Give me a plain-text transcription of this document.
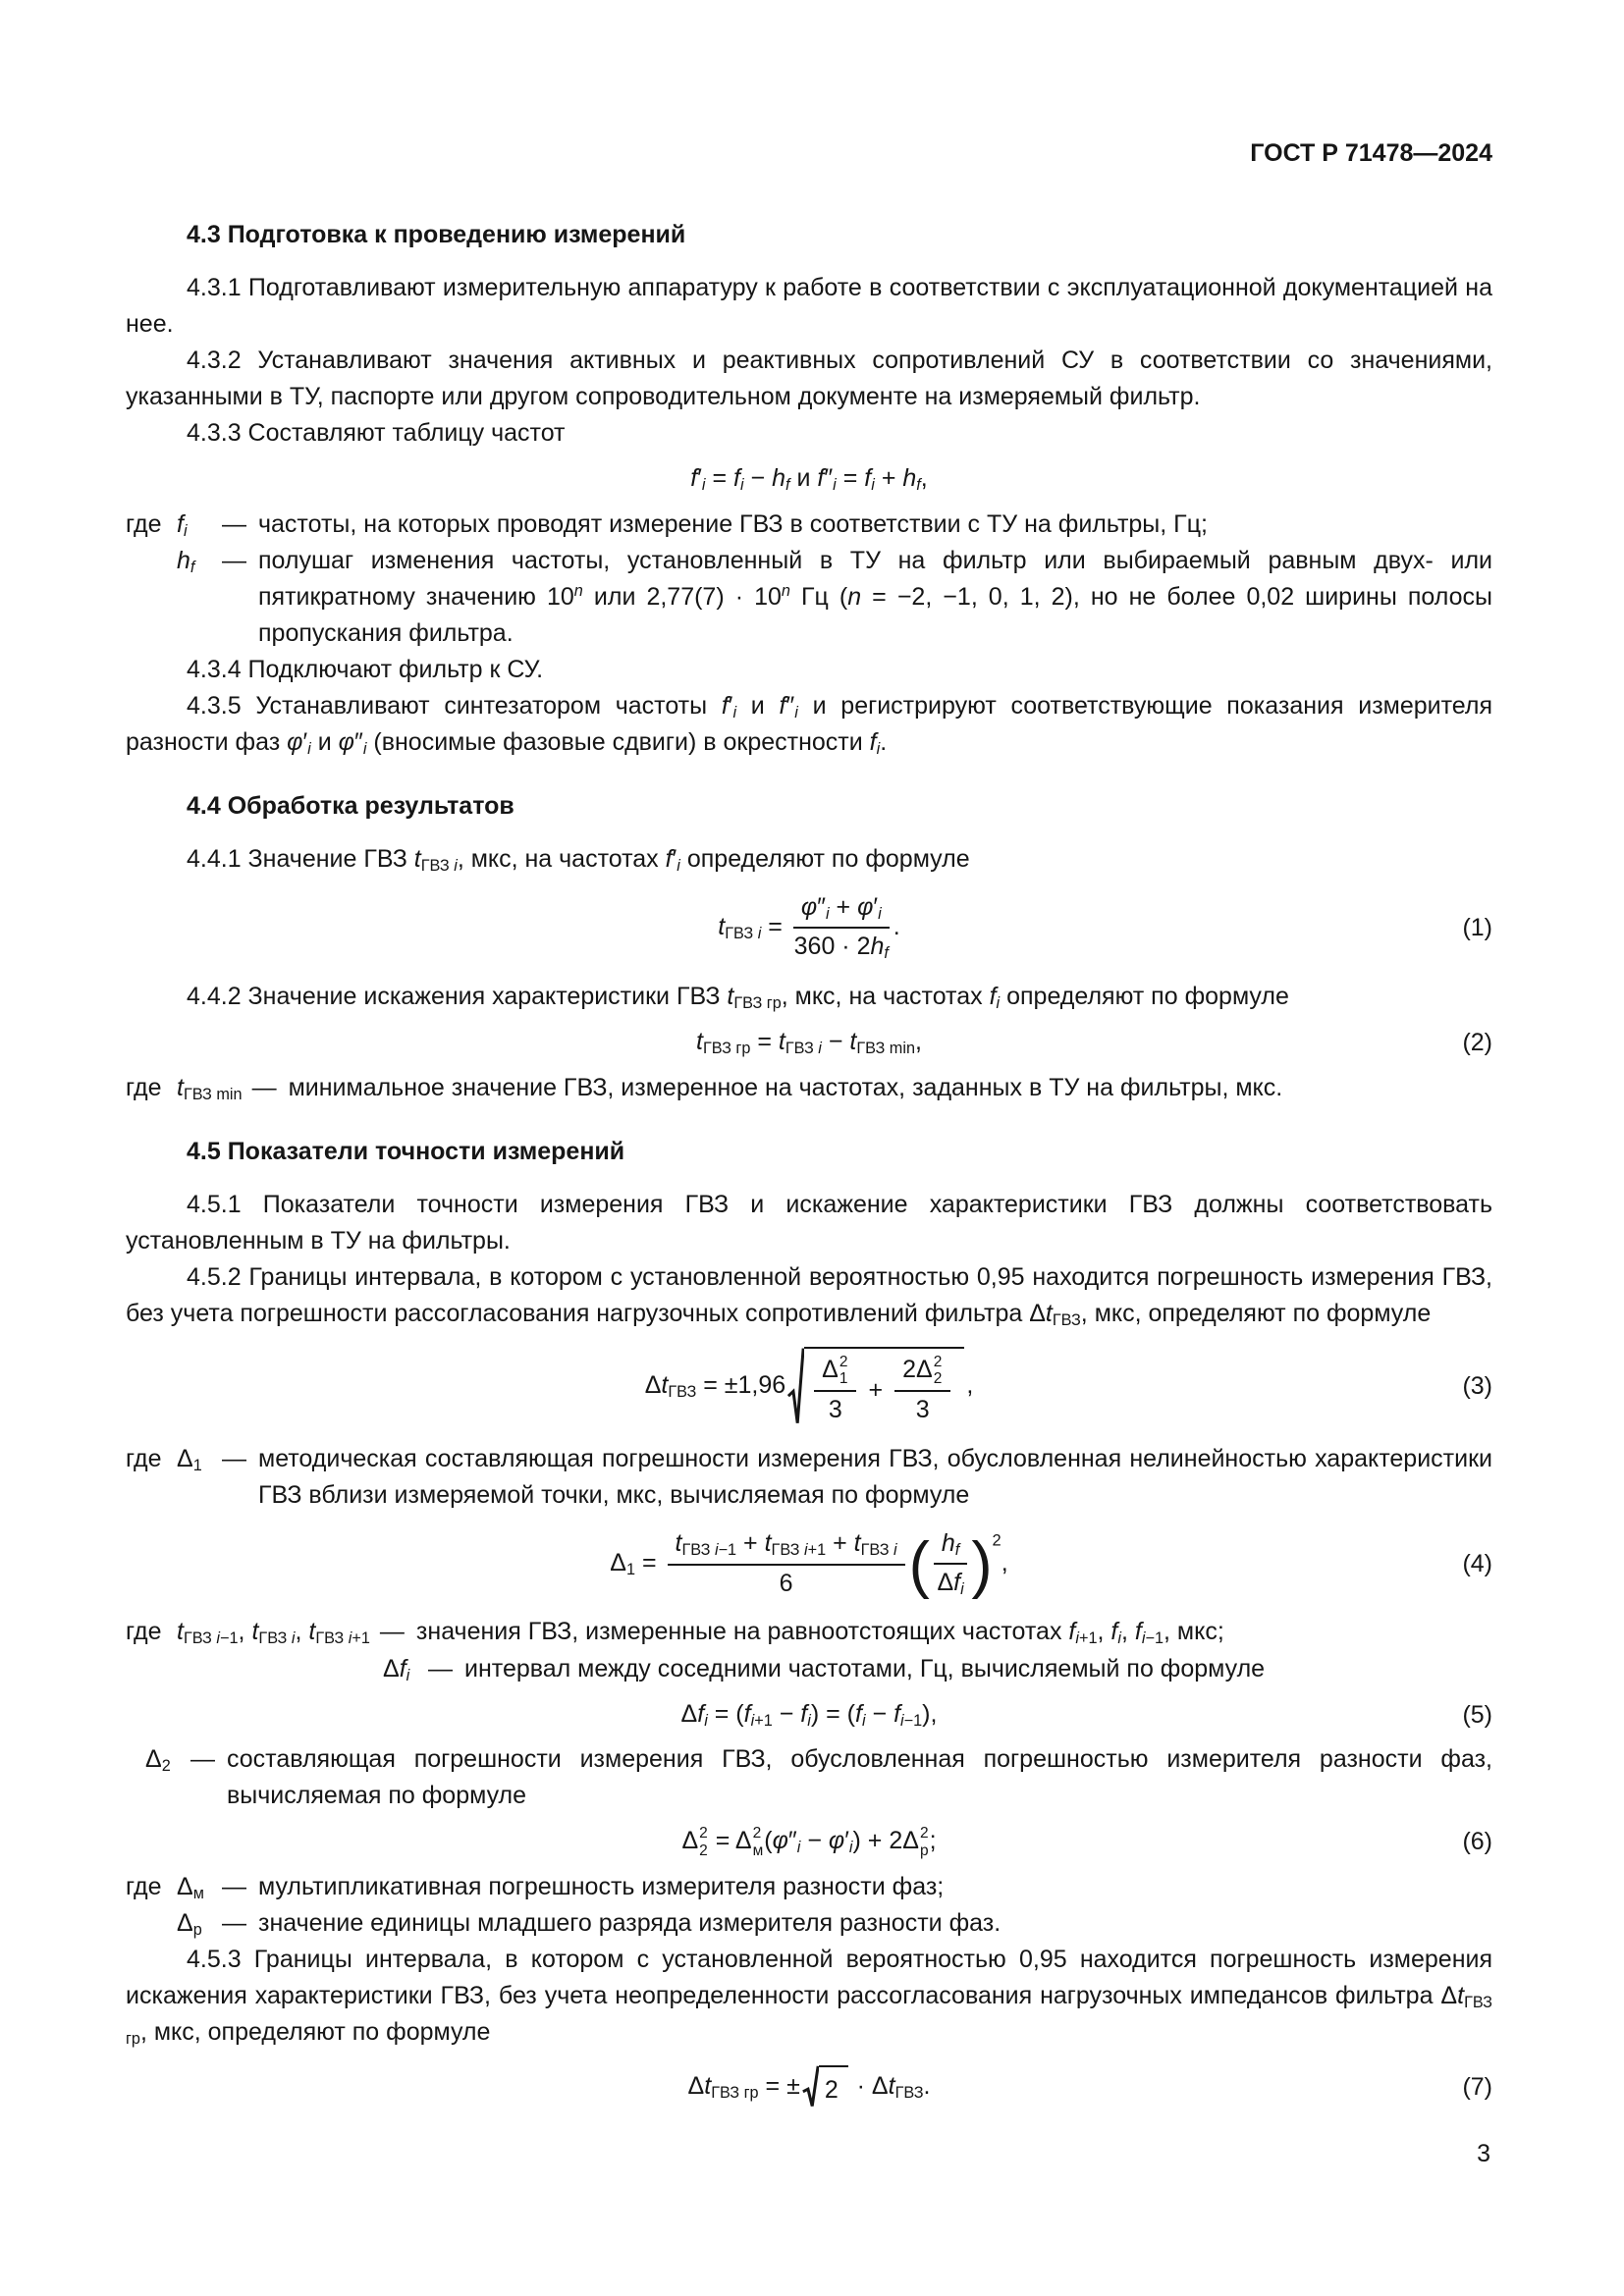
ГОСТ Р 71478—2024
4.3 Подготовка к проведению измерений

4.3.1 Подготавливают измерительную аппаратуру к работе в соответствии с эксплуатационной документацией на нее.

4.3.2 Устанавливают значения активных и реактивных сопротивлений СУ в соответствии со значениями, указанными в ТУ, паспорте или другом сопроводительном документе на измеряемый фильтр.

4.3.3 Составляют таблицу частот

f′i = fi − hf и f″i = fi + hf,
где fi	— частоты, на которых проводят измерение ГВЗ в соответствии с ТУ на фильтры, Гц;
hf	— полушаг изменения частоты, установленный в ТУ на фильтр или выбираемый равным двух- или пятикратному значению 10$^n$ или $2,77(7) \cdot 10^n$ Гц (n = −2, −1, 0, 1, 2), но не более 0,02 ширины полосы пропускания фильтра.

4.3.4 Подключают фильтр к СУ.

4.3.5 Устанавливают синтезатором частоты f′i и f″i и регистрируют соответствующие показания измерителя разности фаз φ′i и φ″i (вносимые фазовые сдвиги) в окрестности fi.

4.4 Обработка результатов

4.4.1 Значение ГВЗ tГВЗ i, мкс, на частотах f′i определяют по формуле

tГВЗ $i = \frac{\varphi''i + \varphi'i}{360 \cdot 2hf}$ .	(1)

4.4.2 Значение искажения характеристики ГВЗ tГВЗ гр, мкс, на частотах fi определяют по формуле

tГВЗ гр = tГВЗ i − tГВЗ min,	(2)
где tГВЗ min — минимальное значение ГВЗ, измеренное на частотах, заданных в ТУ на фильтры, мкс.
4.5 Показатели точности измерений

4.5.1 Показатели точности измерения ГВЗ и искажение характеристики ГВЗ должны соответствовать установленным в ТУ на фильтры.

4.5.2 Границы интервала, в котором с установленной вероятностью 0,95 находится погрешность измерения ГВЗ, без учета погрешности рассогласования нагрузочных сопротивлений фильтра ΔtГВЗ, мкс, определяют по формуле

ΔtГВЗ = ±1,96 Δ 2
1
3 + 2Δ 2
2
3 ,	(3)
где Δ1 — методическая составляющая погрешности измерения ГВЗ, обусловленная нелинейностью характеристики ГВЗ вблизи измеряемой точки, мкс, вычисляемая по формуле
$\Delta 1 = \frac{\text{tГВЗ i−1 + tГВЗ i+1 + tГВЗ i}}{6}$ ( $\frac{hf}{\text{Δfi}} )^2$,	(4)
где tГВЗ i−1, tГВЗ i, tГВЗ i+1 — значения ГВЗ, измеренные на равноотстоящих частотах fi+1, fi, fi−1, мкс;
Δfi — интервал между соседними частотами, Гц, вычисляемый по формуле
Δfi = (fi+1 − fi) = (fi − fi−1),	(5)
Δ2 — составляющая погрешности измерения ГВЗ, обусловленная погрешностью измерителя разности фаз, вычисляемая по формуле
Δ 2
2 = Δ 2
м (φ″i − φ′i) + 2Δ 2
р ;	(6)
где Δм — мультипликативная погрешность измерителя разности фаз;
Δр — значение единицы младшего разряда измерителя разности фаз.

4.5.3 Границы интервала, в котором с установленной вероятностью 0,95 находится погрешность измерения искажения характеристики ГВЗ, без учета неопределенности рассогласования нагрузочных импедансов фильтра ΔtГВЗ гр, мкс, определяют по формуле

ΔtГВЗ гр = ± 2 · ΔtГВЗ.	(7)
3
